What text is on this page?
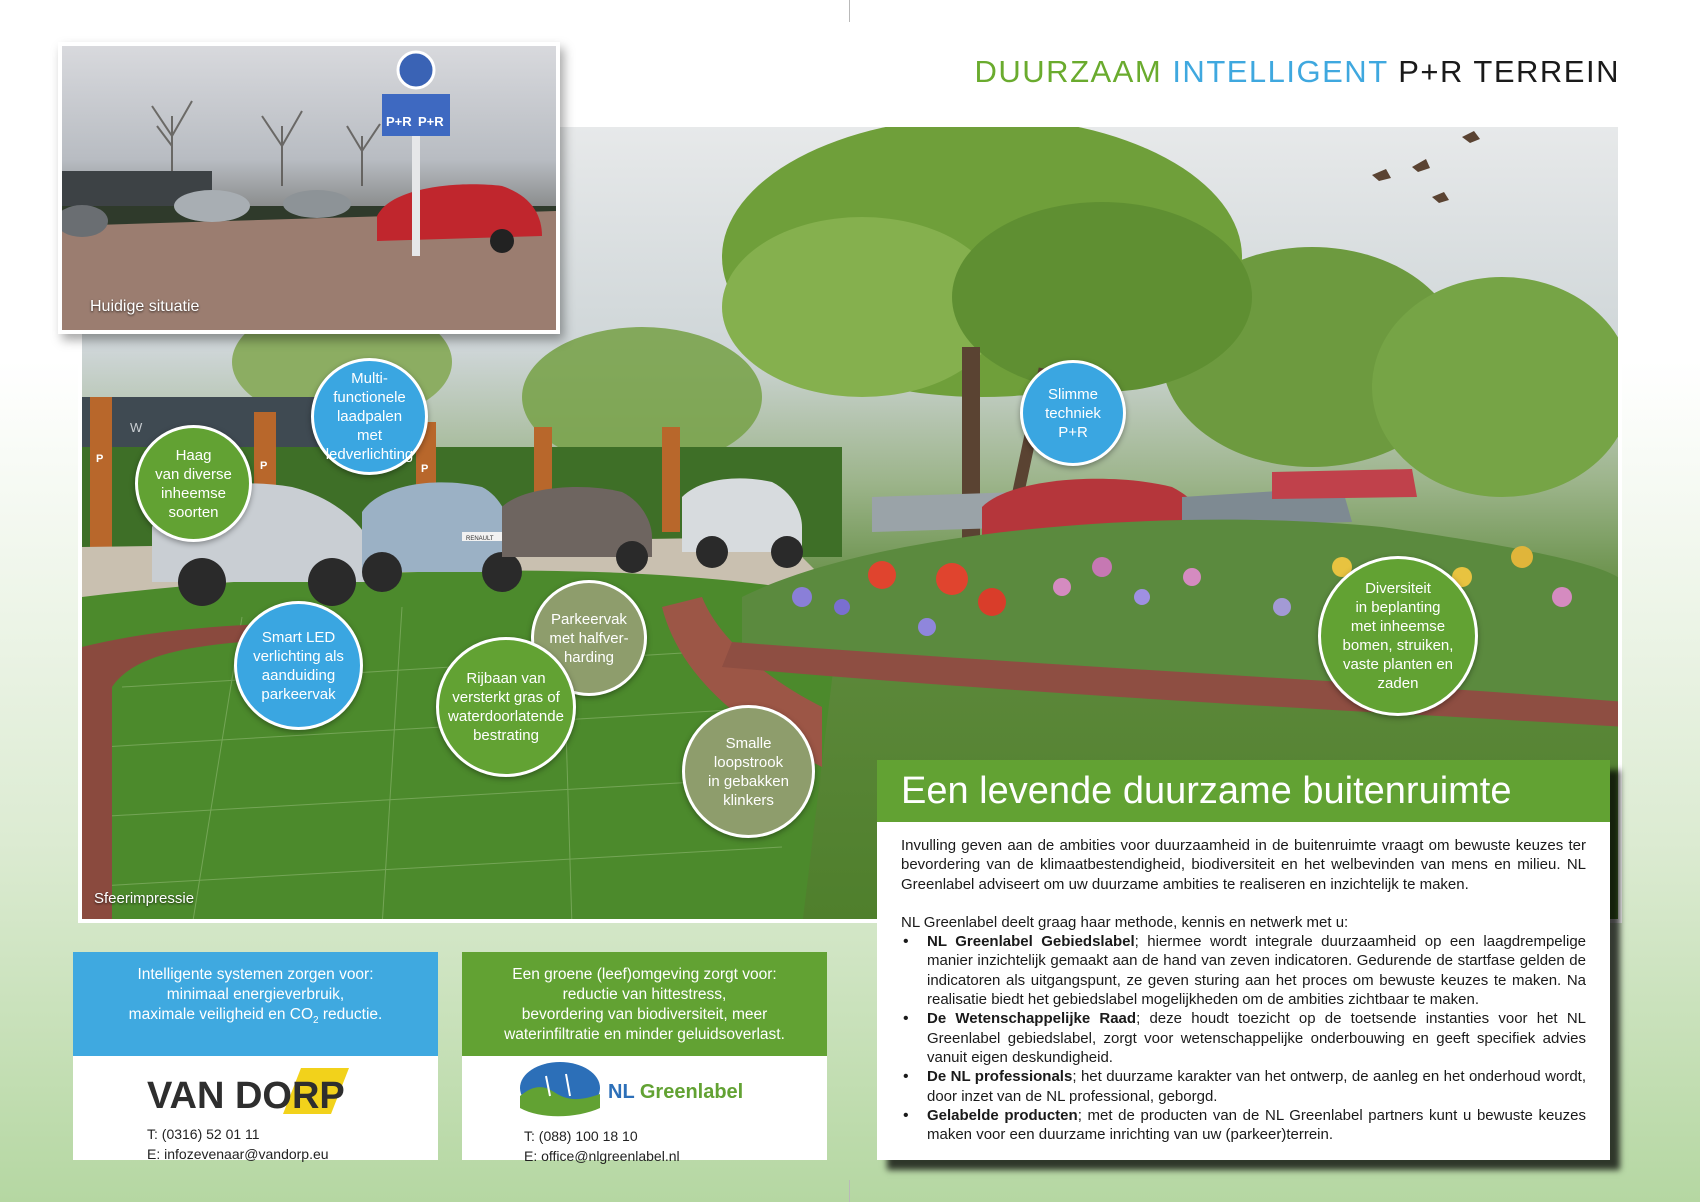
DUURZAAM INTELLIGENT P+R TERREIN
W
P
P	P
RENAULT
Sfeerimpressie
P+R P+R
Huidige situatie
Multi-
functionele
laadpalen met
ledverlichting
Haag
van diverse
inheemse
soorten
Slimme
techniek
P+R
Diversiteit
in beplanting
met inheemse
bomen, struiken,
vaste planten en
zaden
Parkeervak
met halfver-
harding
Smart LED
verlichting als
aanduiding
parkeervak
Rijbaan van
versterkt gras of
waterdoorlatende
bestrating	Smalle
loopstrook
in gebakken
klinkers	Een levende duurzame buitenruimte

Invulling geven aan de ambities voor duurzaamheid in de buitenruimte vraagt om bewuste keuzes ter bevordering van de klimaatbestendigheid, biodiversiteit en het welbevinden van mens en milieu. NL Greenlabel adviseert om uw duurzame ambities te realiseren en inzichtelijk te maken.

NL Greenlabel deelt graag haar methode, kennis en netwerk met u:

• NL Greenlabel Gebiedslabel; hiermee wordt integrale duurzaamheid op een laagdrempelige manier inzichtelijk gemaakt aan de hand van zeven indicatoren. Gedurende de startfase gelden de indicatoren als uitgangspunt, ze geven sturing aan het proces om bewuste keuzes te maken. Na realisatie biedt het gebiedslabel mogelijkheden om de ambities zichtbaar te maken.
• De Wetenschappelijke Raad; deze houdt toezicht op de toetsende instanties voor het NL Greenlabel gebiedslabel, zorgt voor wetenschappelijke onderbouwing en geeft specifiek advies vanuit eigen deskundigheid.
• De NL professionals; het duurzame karakter van het ontwerp, de aanleg en het onderhoud wordt, door inzet van de NL professional, geborgd.
• Gelabelde producten; met de producten van de NL Greenlabel partners kunt u bewuste keuzes maken voor een duurzame inrichting van uw (parkeer)terrein.
Intelligente systemen zorgen voor:
minimaal energieverbruik,
maximale veiligheid en $CO_2$ reductie.
VAN DORP
T: (0316) 52 01 11
E: infozevenaar@vandorp.eu
Een groene (leef)omgeving zorgt voor:
reductie van hittestress,
bevordering van biodiversiteit, meer
waterinfiltratie en minder geluidsoverlast.
NL Greenlabel
T: (088) 100 18 10
E: office@nlgreenlabel.nl
